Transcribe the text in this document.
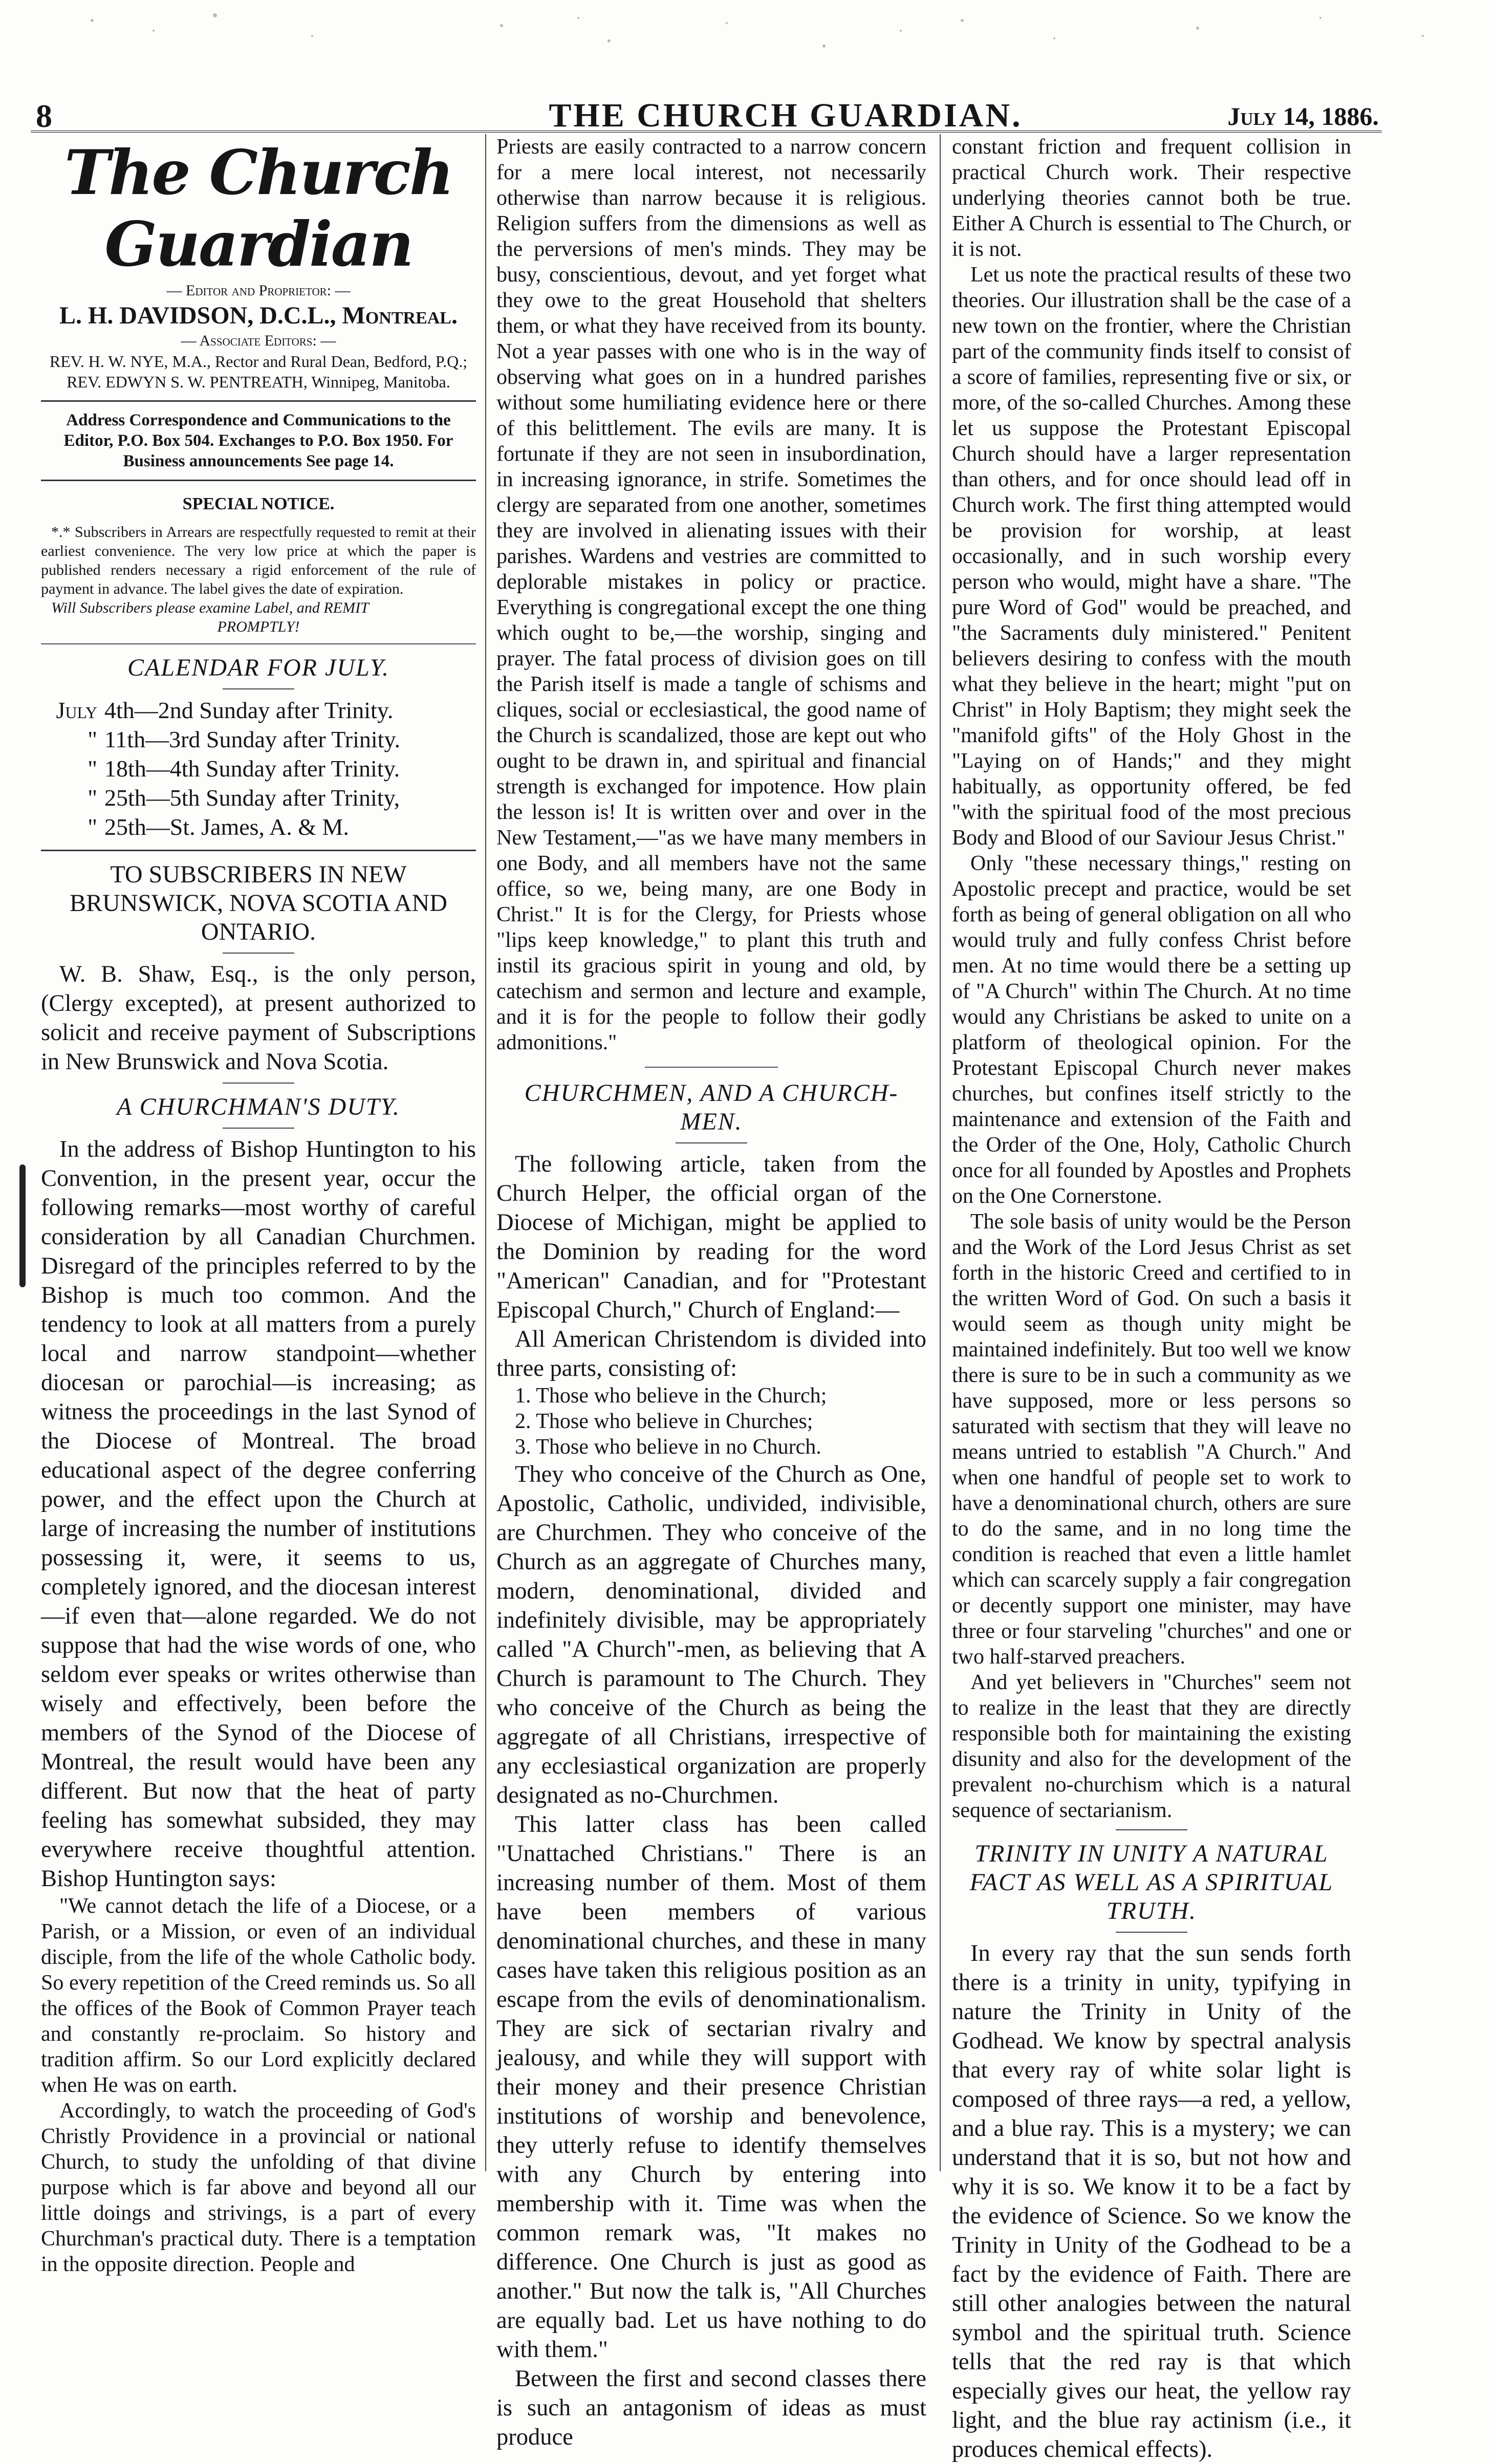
8	THE CHURCH GUARDIAN.	July 14, 1886.
The Church Guardian

— Editor and Proprietor: —

L. H. DAVIDSON, D.C.L., Montreal.

— Associate Editors: —

REV. H. W. NYE, M.A., Rector and Rural Dean, Bedford, P.Q.; REV. EDWYN S. W. PENTREATH, Winnipeg, Manitoba.

Address Correspondence and Communications to the Editor, P.O. Box 504. Exchanges to P.O. Box 1950. For Business announcements See page 14.

SPECIAL NOTICE.

*.* Subscribers in Arrears are respectfully requested to remit at their earliest convenience. The very low price at which the paper is published renders necessary a rigid enforcement of the rule of payment in advance. The label gives the date of expiration.

Will Subscribers please examine Label, and REMIT

PROMPTLY!

CALENDAR FOR JULY.

July 4th—2nd Sunday after Trinity.
" 11th—3rd Sunday after Trinity.
" 18th—4th Sunday after Trinity.
" 25th—5th Sunday after Trinity,
" 25th—St. James, A. & M.

TO SUBSCRIBERS IN NEW BRUNSWICK, NOVA SCOTIA AND ONTARIO.

W. B. Shaw, Esq., is the only person, (Clergy excepted), at present authorized to solicit and receive payment of Subscriptions in New Brunswick and Nova Scotia.

A CHURCHMAN'S DUTY.

In the address of Bishop Huntington to his Convention, in the present year, occur the following remarks—most worthy of careful consideration by all Canadian Churchmen. Disregard of the principles referred to by the Bishop is much too common. And the tendency to look at all matters from a purely local and narrow standpoint—whether diocesan or parochial—is increasing; as witness the proceedings in the last Synod of the Diocese of Montreal. The broad educational aspect of the degree conferring power, and the effect upon the Church at large of increasing the number of institutions possessing it, were, it seems to us, completely ignored, and the diocesan interest—if even that—alone regarded. We do not suppose that had the wise words of one, who seldom ever speaks or writes otherwise than wisely and effectively, been before the members of the Synod of the Diocese of Montreal, the result would have been any different. But now that the heat of party feeling has somewhat subsided, they may everywhere receive thoughtful attention. Bishop Huntington says:

"We cannot detach the life of a Diocese, or a Parish, or a Mission, or even of an individual disciple, from the life of the whole Catholic body. So every repetition of the Creed reminds us. So all the offices of the Book of Common Prayer teach and constantly re-proclaim. So history and tradition affirm. So our Lord explicitly declared when He was on earth.

Accordingly, to watch the proceeding of God's Christly Providence in a provincial or national Church, to study the unfolding of that divine purpose which is far above and beyond all our little doings and strivings, is a part of every Churchman's practical duty. There is a temptation in the opposite direction. People and

Priests are easily contracted to a narrow concern for a mere local interest, not necessarily otherwise than narrow because it is religious. Religion suffers from the dimensions as well as the perversions of men's minds. They may be busy, conscientious, devout, and yet forget what they owe to the great Household that shelters them, or what they have received from its bounty. Not a year passes with one who is in the way of observing what goes on in a hundred parishes without some humiliating evidence here or there of this belittlement. The evils are many. It is fortunate if they are not seen in insubordination, in increasing ignorance, in strife. Sometimes the clergy are separated from one another, sometimes they are involved in alienating issues with their parishes. Wardens and vestries are committed to deplorable mistakes in policy or practice. Everything is congregational except the one thing which ought to be,—the worship, singing and prayer. The fatal process of division goes on till the Parish itself is made a tangle of schisms and cliques, social or ecclesiastical, the good name of the Church is scandalized, those are kept out who ought to be drawn in, and spiritual and financial strength is exchanged for impotence. How plain the lesson is! It is written over and over in the New Testament,—"as we have many members in one Body, and all members have not the same office, so we, being many, are one Body in Christ." It is for the Clergy, for Priests whose "lips keep knowledge," to plant this truth and instil its gracious spirit in young and old, by catechism and sermon and lecture and example, and it is for the people to follow their godly admonitions."

CHURCHMEN, AND A CHURCH-MEN.

The following article, taken from the Church Helper, the official organ of the Diocese of Michigan, might be applied to the Dominion by reading for the word "American" Canadian, and for "Protestant Episcopal Church," Church of England:—

All American Christendom is divided into three parts, consisting of:

1. Those who believe in the Church;

2. Those who believe in Churches;

3. Those who believe in no Church.

They who conceive of the Church as One, Apostolic, Catholic, undivided, indivisible, are Churchmen. They who conceive of the Church as an aggregate of Churches many, modern, denominational, divided and indefinitely divisible, may be appropriately called "A Church"-men, as believing that A Church is paramount to The Church. They who conceive of the Church as being the aggregate of all Christians, irrespective of any ecclesiastical organization are properly designated as no-Churchmen.

This latter class has been called "Unattached Christians." There is an increasing number of them. Most of them have been members of various denominational churches, and these in many cases have taken this religious position as an escape from the evils of denominationalism. They are sick of sectarian rivalry and jealousy, and while they will support with their money and their presence Christian institutions of worship and benevolence, they utterly refuse to identify themselves with any Church by entering into membership with it. Time was when the common remark was, "It makes no difference. One Church is just as good as another." But now the talk is, "All Churches are equally bad. Let us have nothing to do with them."

Between the first and second classes there is such an antagonism of ideas as must produce

constant friction and frequent collision in practical Church work. Their respective underlying theories cannot both be true. Either A Church is essential to The Church, or it is not.

Let us note the practical results of these two theories. Our illustration shall be the case of a new town on the frontier, where the Christian part of the community finds itself to consist of a score of families, representing five or six, or more, of the so-called Churches. Among these let us suppose the Protestant Episcopal Church should have a larger representation than others, and for once should lead off in Church work. The first thing attempted would be provision for worship, at least occasionally, and in such worship every person who would, might have a share. "The pure Word of God" would be preached, and "the Sacraments duly ministered." Penitent believers desiring to confess with the mouth what they believe in the heart; might "put on Christ" in Holy Baptism; they might seek the "manifold gifts" of the Holy Ghost in the "Laying on of Hands;" and they might habitually, as opportunity offered, be fed "with the spiritual food of the most precious Body and Blood of our Saviour Jesus Christ."

Only "these necessary things," resting on Apostolic precept and practice, would be set forth as being of general obligation on all who would truly and fully confess Christ before men. At no time would there be a setting up of "A Church" within The Church. At no time would any Christians be asked to unite on a platform of theological opinion. For the Protestant Episcopal Church never makes churches, but confines itself strictly to the maintenance and extension of the Faith and the Order of the One, Holy, Catholic Church once for all founded by Apostles and Prophets on the One Cornerstone.

The sole basis of unity would be the Person and the Work of the Lord Jesus Christ as set forth in the historic Creed and certified to in the written Word of God. On such a basis it would seem as though unity might be maintained indefinitely. But too well we know there is sure to be in such a community as we have supposed, more or less persons so saturated with sectism that they will leave no means untried to establish "A Church." And when one handful of people set to work to have a denominational church, others are sure to do the same, and in no long time the condition is reached that even a little hamlet which can scarcely supply a fair congregation or decently support one minister, may have three or four starveling "churches" and one or two half-starved preachers.

And yet believers in "Churches" seem not to realize in the least that they are directly responsible both for maintaining the existing disunity and also for the development of the prevalent no-churchism which is a natural sequence of sectarianism.

TRINITY IN UNITY A NATURAL FACT AS WELL AS A SPIRITUAL TRUTH.

In every ray that the sun sends forth there is a trinity in unity, typifying in nature the Trinity in Unity of the Godhead. We know by spectral analysis that every ray of white solar light is composed of three rays—a red, a yellow, and a blue ray. This is a mystery; we can understand that it is so, but not how and why it is so. We know it to be a fact by the evidence of Science. So we know the Trinity in Unity of the Godhead to be a fact by the evidence of Faith. There are still other analogies between the natural symbol and the spiritual truth. Science tells that the red ray is that which especially gives our heat, the yellow ray light, and the blue ray actinism (i.e., it produces chemical effects).
